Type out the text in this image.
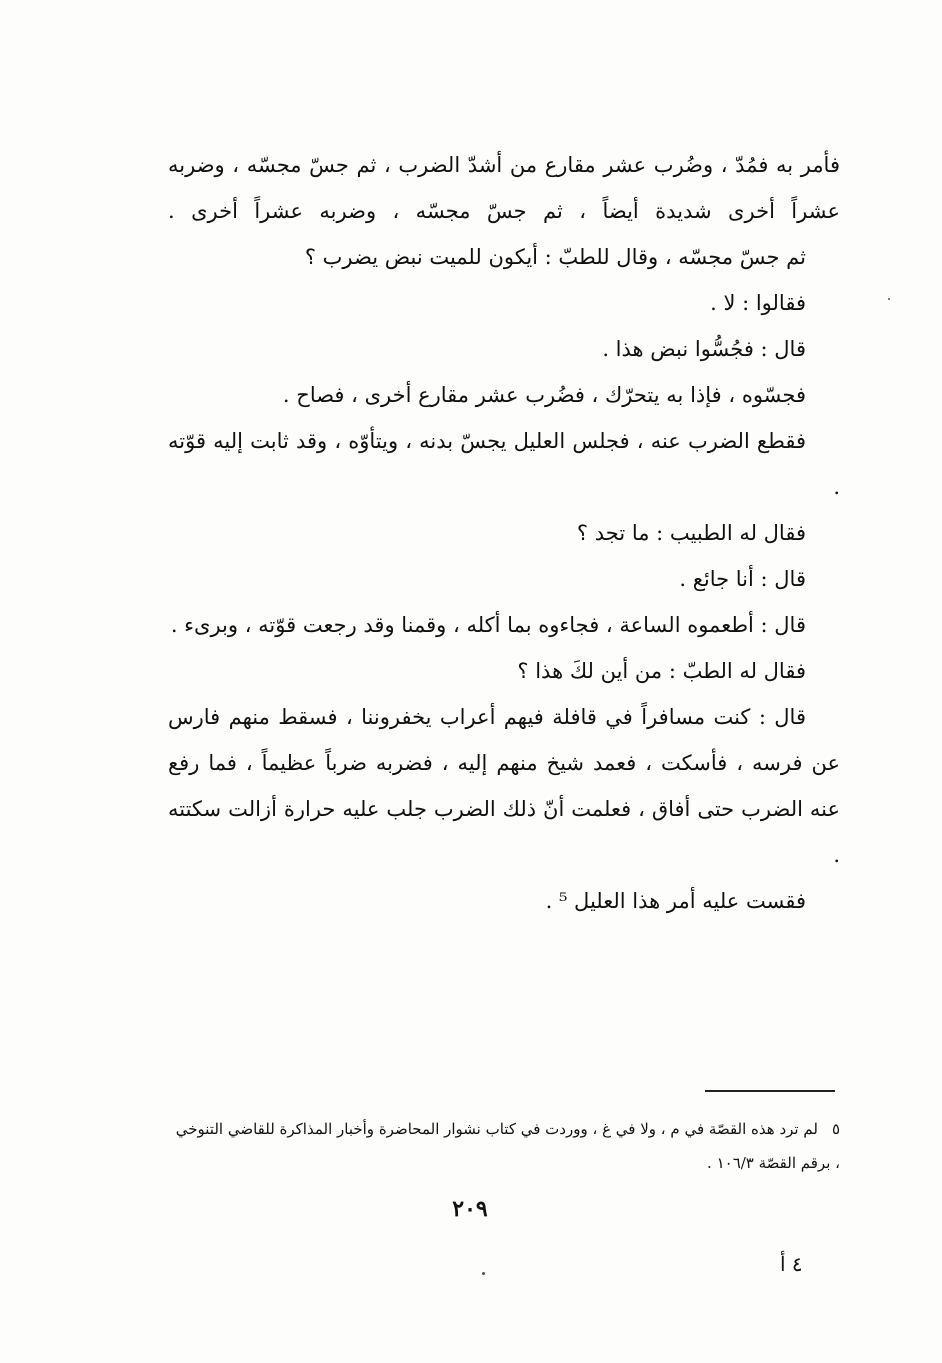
فأمر به فمُدّ ، وضُرب عشر مقارع من أشدّ الضرب ، ثم جسّ مجسّه ، وضربه عشراً أخرى شديدة أيضاً ، ثم جسّ مجسّه ، وضربه عشراً أخرى .

ثم جسّ مجسّه ، وقال للطبّ : أيكون للميت نبض يضرب ؟

فقالوا : لا .

قال : فجُسُّوا نبض هذا .

فجسّوه ، فإذا به يتحرّك ، فضُرب عشر مقارع أخرى ، فصاح .

فقطع الضرب عنه ، فجلس العليل يجسّ بدنه ، ويتأوّه ، وقد ثابت إليه قوّته .

فقال له الطبيب : ما تجد ؟

قال : أنا جائع .

قال : أطعموه الساعة ، فجاءوه بما أكله ، وقمنا وقد رجعت قوّته ، وبرىء .

فقال له الطبّ : من أين لكَ هذا ؟

قال : كنت مسافراً في قافلة فيهم أعراب يخفروننا ، فسقط منهم فارس عن فرسه ، فأسكت ، فعمد شيخ منهم إليه ، فضربه ضرباً عظيماً ، فما رفع عنه الضرب حتى أفاق ، فعلمت أنّ ذلك الضرب جلب عليه حرارة أزالت سكتته .

فقست عليه أمر هذا العليل ⁵ .

٥لم ترد هذه القصّة في م ، ولا في غ ، ووردت في كتاب نشوار المحاضرة وأخبار المذاكرة للقاضي التنوخي ، برقم القصّة ١٠٦/٣ .
٢٠٩
٤ أ
